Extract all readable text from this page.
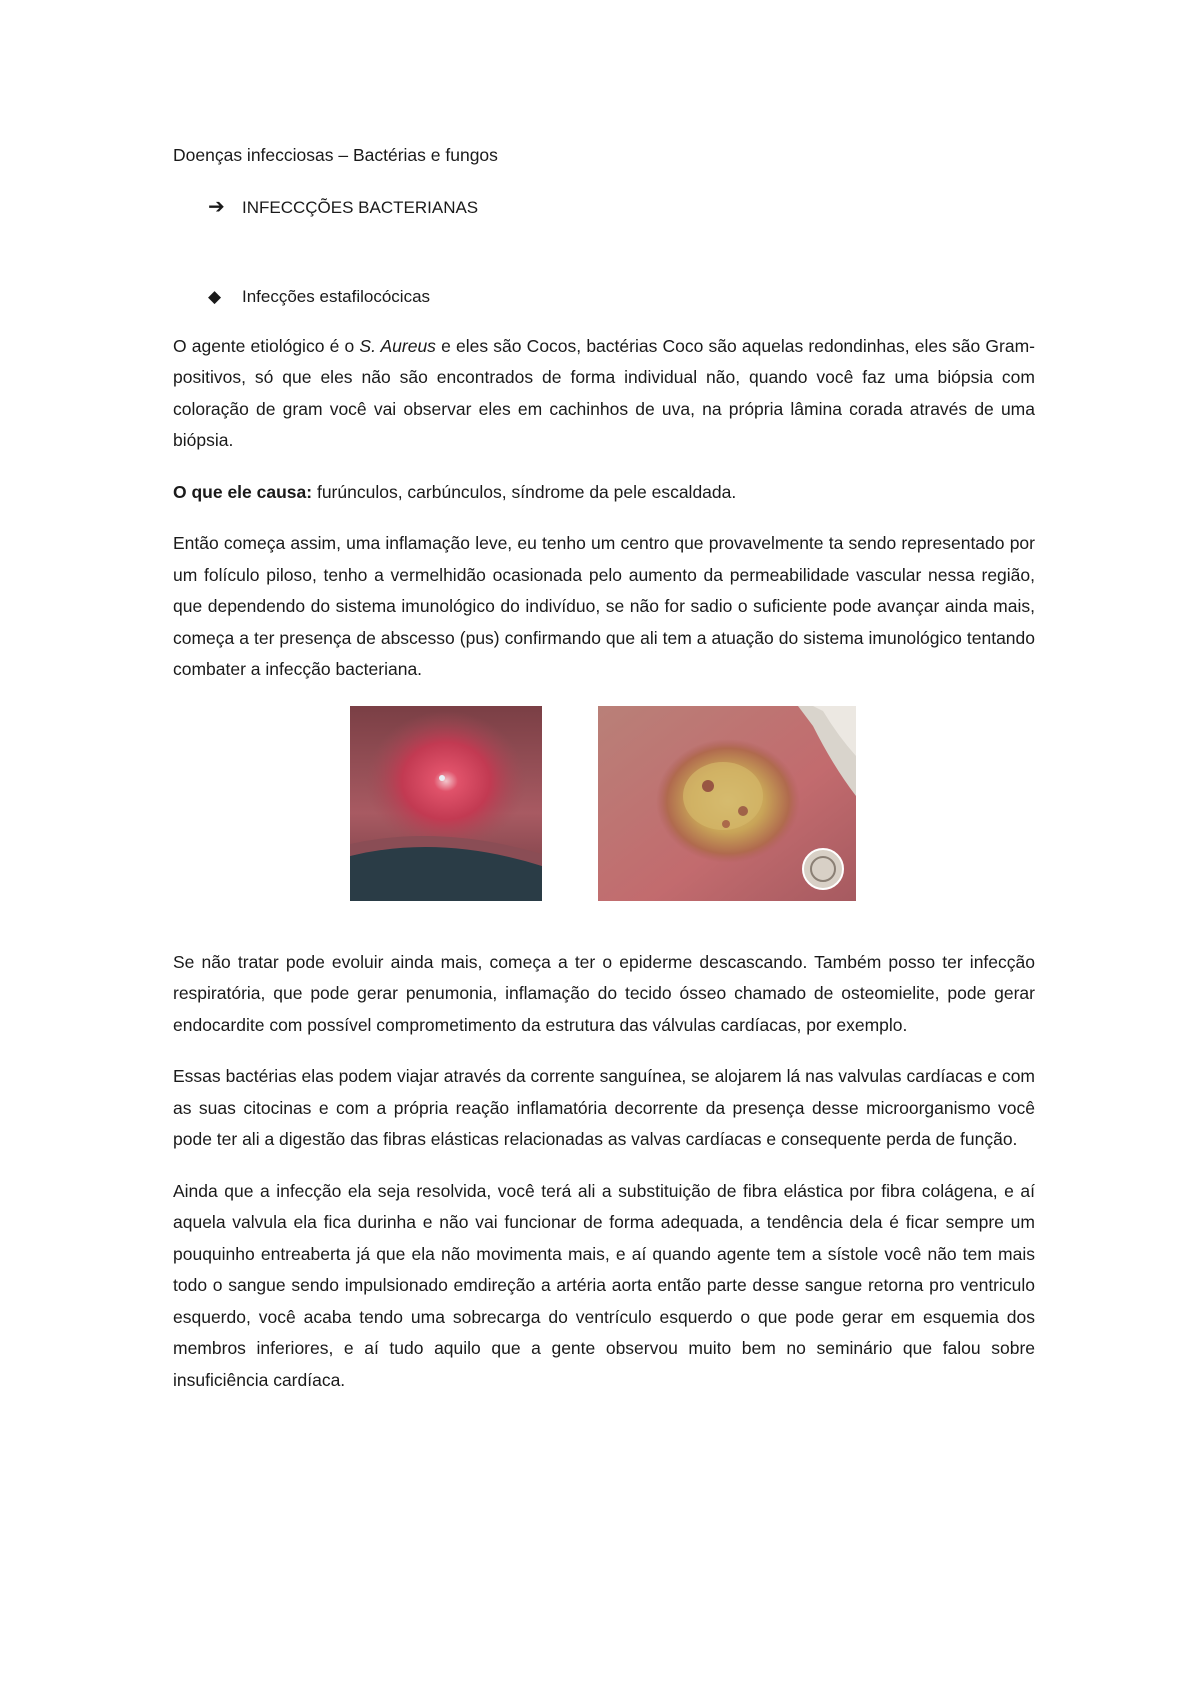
Doenças infecciosas – Bactérias e fungos
➔	INFECCÇÕES BACTERIANAS
◆	Infecções estafilocócicas

O agente etiológico é o S. Aureus e eles são Cocos, bactérias Coco são aquelas redondinhas, eles são Gram-positivos, só que eles não são encontrados de forma individual não, quando você faz uma biópsia com coloração de gram você vai observar eles em cachinhos de uva, na própria lâmina corada através de uma biópsia.

O que ele causa: furúnculos, carbúnculos, síndrome da pele escaldada.

Então começa assim, uma inflamação leve, eu tenho um centro que provavelmente ta sendo representado por um folículo piloso, tenho a vermelhidão ocasionada pelo aumento da permeabilidade vascular nessa região, que dependendo do sistema imunológico do indivíduo, se não for sadio o suficiente pode avançar ainda mais, começa a ter presença de abscesso (pus) confirmando que ali tem a atuação do sistema imunológico tentando combater a infecção bacteriana.

Se não tratar pode evoluir ainda mais, começa a ter o epiderme descascando. Também posso ter infecção respiratória, que pode gerar penumonia, inflamação do tecido ósseo chamado de osteomielite, pode gerar endocardite com possível comprometimento da estrutura das válvulas cardíacas, por exemplo.

Essas bactérias elas podem viajar através da corrente sanguínea, se alojarem lá nas valvulas cardíacas e com as suas citocinas e com a própria reação inflamatória decorrente da presença desse microorganismo você pode ter ali a digestão das fibras elásticas relacionadas as valvas cardíacas e consequente perda de função.

Ainda que a infecção ela seja resolvida, você terá ali a substituição de fibra elástica por fibra colágena, e aí aquela valvula ela fica durinha e não vai funcionar de forma adequada, a tendência dela é ficar sempre um pouquinho entreaberta já que ela não movimenta mais, e aí quando agente tem a sístole você não tem mais todo o sangue sendo impulsionado emdireção a artéria aorta então parte desse sangue retorna pro ventriculo esquerdo, você acaba tendo uma sobrecarga do ventrículo esquerdo o que pode gerar em esquemia dos membros inferiores, e aí tudo aquilo que a gente observou muito bem no seminário que falou sobre insuficiência cardíaca.
